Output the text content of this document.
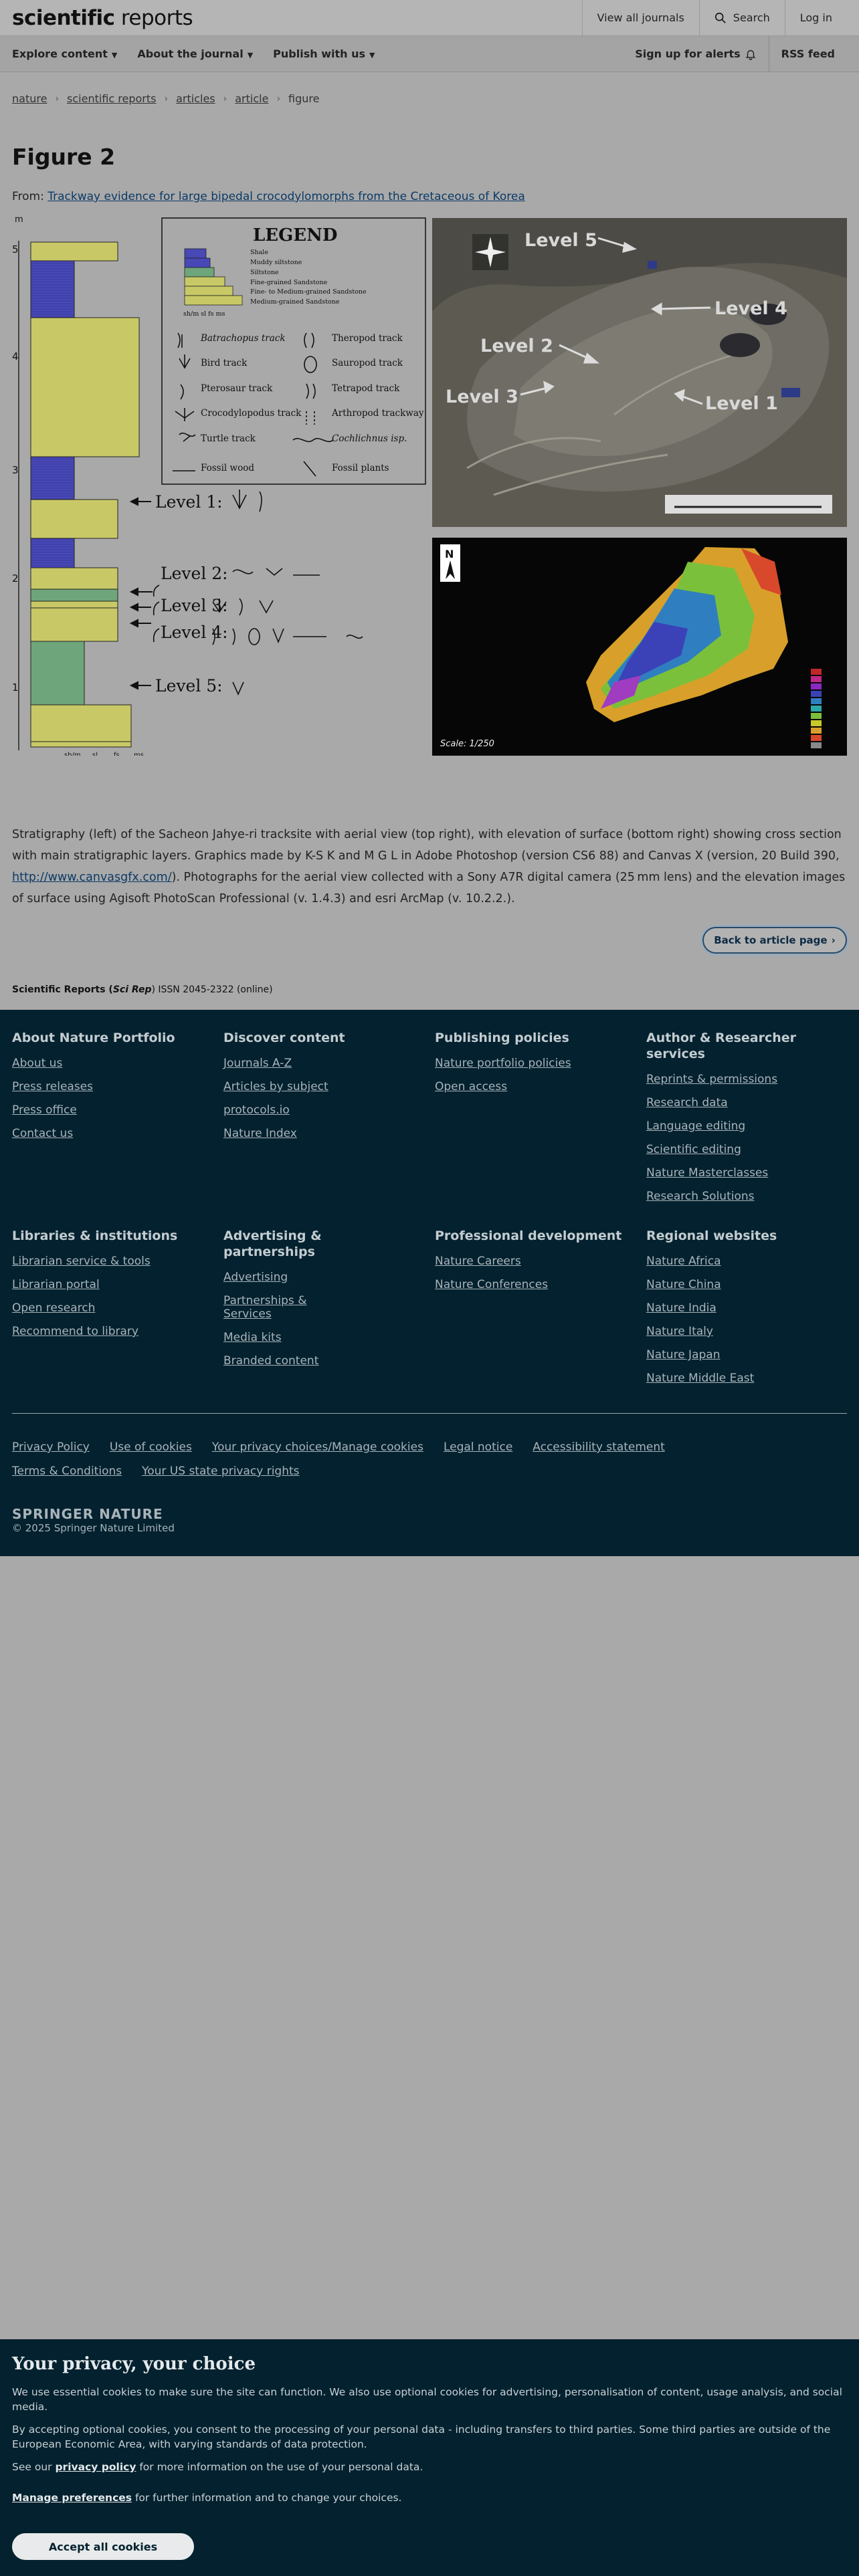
scientific reports	View all journals	Search	Log in
Explore content ▼ About the journal ▼ Publish with us ▼	Sign up for alerts	RSS feed
nature › scientific reports › articles › article › figure
Figure 2
From: Trackway evidence for large bipedal crocodylomorphs from the Cretaceous of Korea
m
5
4
3
2
1
sh/m sl fs ms
Level 1:
Level 2:
Level 3:
Level 4:
Level 5:
LEGEND
Shale
Muddy siltstone
Siltstone
Fine-grained Sandstone
Fine- to Medium-grained Sandstone
Medium-grained Sandstone
sh/m sl fs ms
Batrachopus track
Bird track
Pterosaur track
Crocodylopodus track
Turtle track
Fossil wood
Theropod track
Sauropod track
Tetrapod track
Arthropod trackway
Cochlichnus isp.
Fossil plants
Level 5
Level 4
Level 2
Level 3	Level 1
N
Scale: 1/250
Stratigraphy (left) of the Sacheon Jahye-ri tracksite with aerial view (top right), with elevation of surface (bottom right) showing cross section with main stratigraphic layers. Graphics made by K-S K and M G L in Adobe Photoshop (version CS6 88) and Canvas X (version, 20 Build 390, http://www.canvasgfx.com/). Photographs for the aerial view collected with a Sony A7R digital camera (25 mm lens) and the elevation images of surface using Agisoft PhotoScan Professional (v. 1.4.3) and esri ArcMap (v. 10.2.2.).
Back to article page ›
Scientific Reports (Sci Rep) ISSN 2045-2322 (online)
About Nature Portfolio
About us
Press releases
Press office
Contact us
Discover content
Journals A-Z
Articles by subject
protocols.io
Nature Index
Publishing policies
Nature portfolio policies
Open access
Author & Researcher services
Reprints & permissions
Research data
Language editing
Scientific editing
Nature Masterclasses
Research Solutions
Libraries & institutions
Librarian service & tools
Librarian portal
Open research
Recommend to library
Advertising & partnerships
Advertising
Partnerships & Services
Media kits
Branded content
Professional development
Nature Careers
Nature Conferences
Regional websites
Nature Africa
Nature China
Nature India
Nature Italy
Nature Japan
Nature Middle East
Privacy Policy Use of cookies Your privacy choices/Manage cookies Legal notice Accessibility statement
Terms & Conditions Your US state privacy rights
SPRINGER NATURE
© 2025 Springer Nature Limited
Your privacy, your choice

We use essential cookies to make sure the site can function. We also use optional cookies for advertising, personalisation of content, usage analysis, and social media.

By accepting optional cookies, you consent to the processing of your personal data - including transfers to third parties. Some third parties are outside of the European Economic Area, with varying standards of data protection.

See our privacy policy for more information on the use of your personal data.

Manage preferences for further information and to change your choices.

Accept all cookies
